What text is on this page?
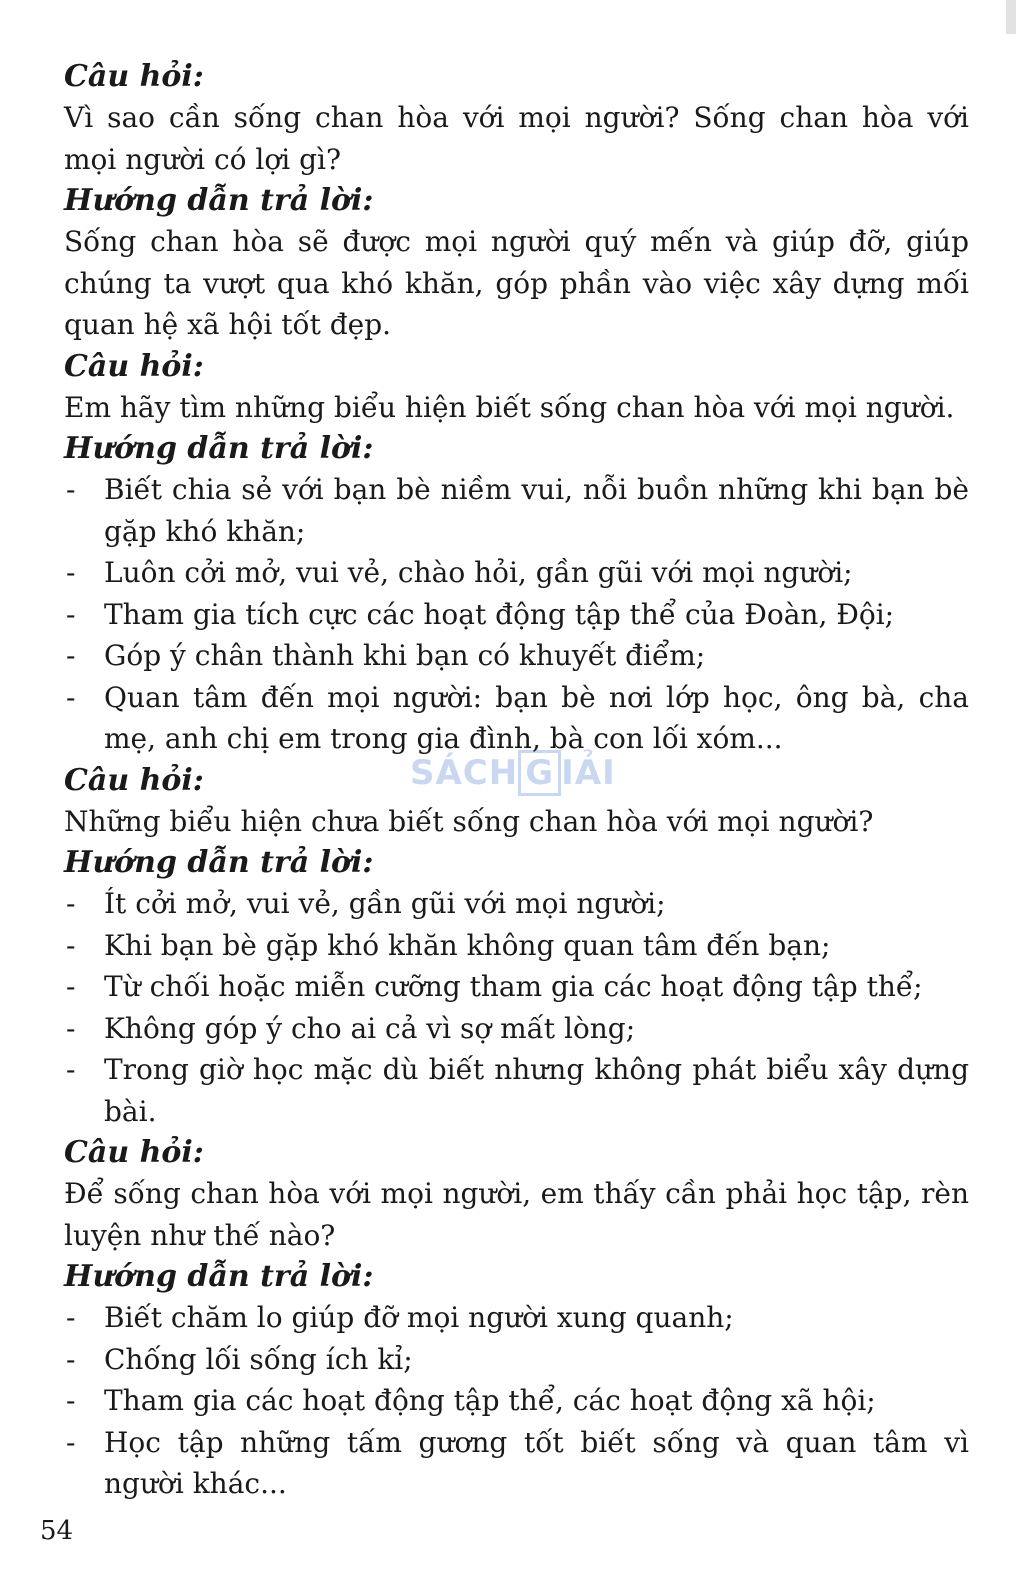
Câu hỏi:

Vì sao cần sống chan hòa với mọi người? Sống chan hòa với mọi người có lợi gì?

Hướng dẫn trả lời:

Sống chan hòa sẽ được mọi người quý mến và giúp đỡ, giúp chúng ta vượt qua khó khăn, góp phần vào việc xây dựng mối quan hệ xã hội tốt đẹp.

Câu hỏi:

Em hãy tìm những biểu hiện biết sống chan hòa với mọi người.

Hướng dẫn trả lời:

- Biết chia sẻ với bạn bè niềm vui, nỗi buồn những khi bạn bè gặp khó khăn;
- Luôn cởi mở, vui vẻ, chào hỏi, gần gũi với mọi người;
- Tham gia tích cực các hoạt động tập thể của Đoàn, Đội;
- Góp ý chân thành khi bạn có khuyết điểm;
- Quan tâm đến mọi người: bạn bè nơi lớp học, ông bà, cha mẹ, anh chị em trong gia đình, bà con lối xóm...

Câu hỏi:

Những biểu hiện chưa biết sống chan hòa với mọi người?

Hướng dẫn trả lời:

- Ít cởi mở, vui vẻ, gần gũi với mọi người;
- Khi bạn bè gặp khó khăn không quan tâm đến bạn;
- Từ chối hoặc miễn cưỡng tham gia các hoạt động tập thể;
- Không góp ý cho ai cả vì sợ mất lòng;
- Trong giờ học mặc dù biết nhưng không phát biểu xây dựng bài.

Câu hỏi:

Để sống chan hòa với mọi người, em thấy cần phải học tập, rèn luyện như thế nào?

Hướng dẫn trả lời:

- Biết chăm lo giúp đỡ mọi người xung quanh;
- Chống lối sống ích kỉ;
- Tham gia các hoạt động tập thể, các hoạt động xã hội;
- Học tập những tấm gương tốt biết sống và quan tâm vì người khác...
SÁCH G IẢI
54
